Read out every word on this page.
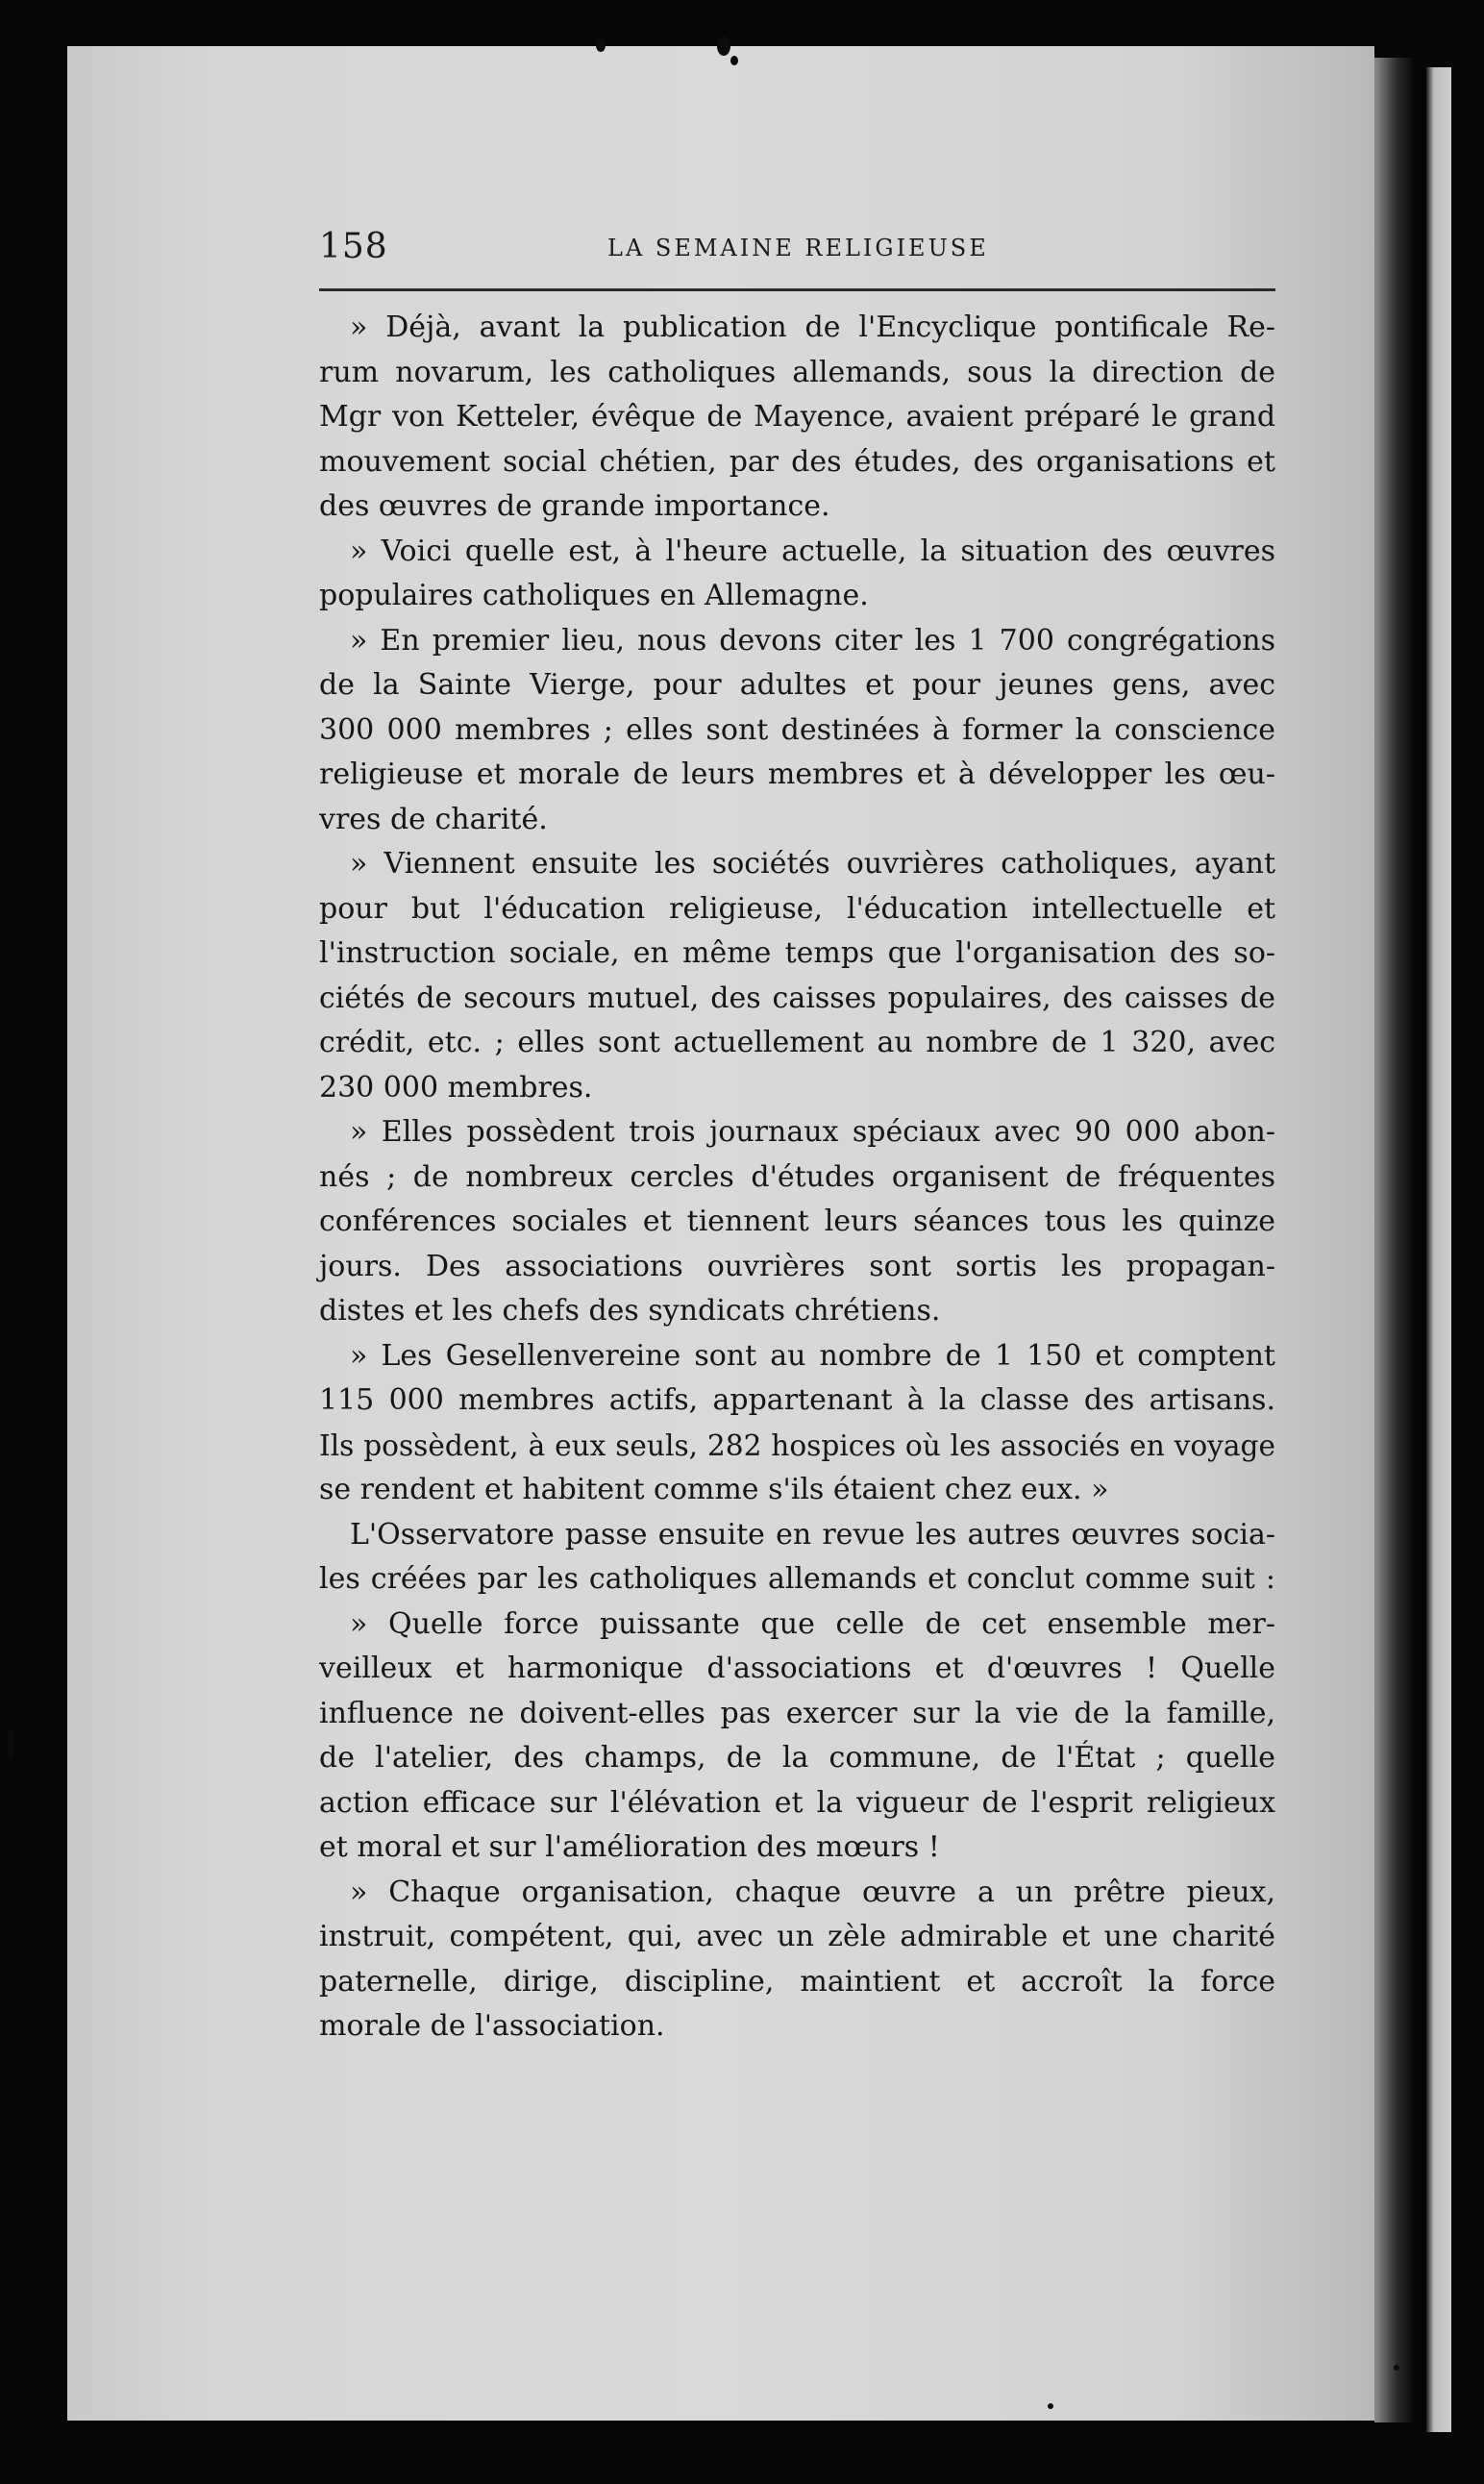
158	LA SEMAINE RELIGIEUSE
» Déjà, avant la publication de l'Encyclique pontificale Re-
rum novarum, les catholiques allemands, sous la direction de
Mgr von Ketteler, évêque de Mayence, avaient préparé le grand
mouvement social chétien, par des études, des organisations et
des œuvres de grande importance.
» Voici quelle est, à l'heure actuelle, la situation des œuvres
populaires catholiques en Allemagne.
» En premier lieu, nous devons citer les 1 700 congrégations
de la Sainte Vierge, pour adultes et pour jeunes gens, avec
300 000 membres ; elles sont destinées à former la conscience
religieuse et morale de leurs membres et à développer les œu-
vres de charité.
» Viennent ensuite les sociétés ouvrières catholiques, ayant
pour but l'éducation religieuse, l'éducation intellectuelle et
l'instruction sociale, en même temps que l'organisation des so-
ciétés de secours mutuel, des caisses populaires, des caisses de
crédit, etc. ; elles sont actuellement au nombre de 1 320, avec
230 000 membres.
» Elles possèdent trois journaux spéciaux avec 90 000 abon-
nés ; de nombreux cercles d'études organisent de fréquentes
conférences sociales et tiennent leurs séances tous les quinze
jours. Des associations ouvrières sont sortis les propagan-
distes et les chefs des syndicats chrétiens.
» Les Gesellenvereine sont au nombre de 1 150 et comptent
115 000 membres actifs, appartenant à la classe des artisans.
Ils possèdent, à eux seuls, 282 hospices où les associés en voyage
se rendent et habitent comme s'ils étaient chez eux. »
L'Osservatore passe ensuite en revue les autres œuvres socia-
les créées par les catholiques allemands et conclut comme suit :
» Quelle force puissante que celle de cet ensemble mer-
veilleux et harmonique d'associations et d'œuvres ! Quelle
influence ne doivent-elles pas exercer sur la vie de la famille,
de l'atelier, des champs, de la commune, de l'État ; quelle
action efficace sur l'élévation et la vigueur de l'esprit religieux
et moral et sur l'amélioration des mœurs !
» Chaque organisation, chaque œuvre a un prêtre pieux,
instruit, compétent, qui, avec un zèle admirable et une charité
paternelle, dirige, discipline, maintient et accroît la force
morale de l'association.
